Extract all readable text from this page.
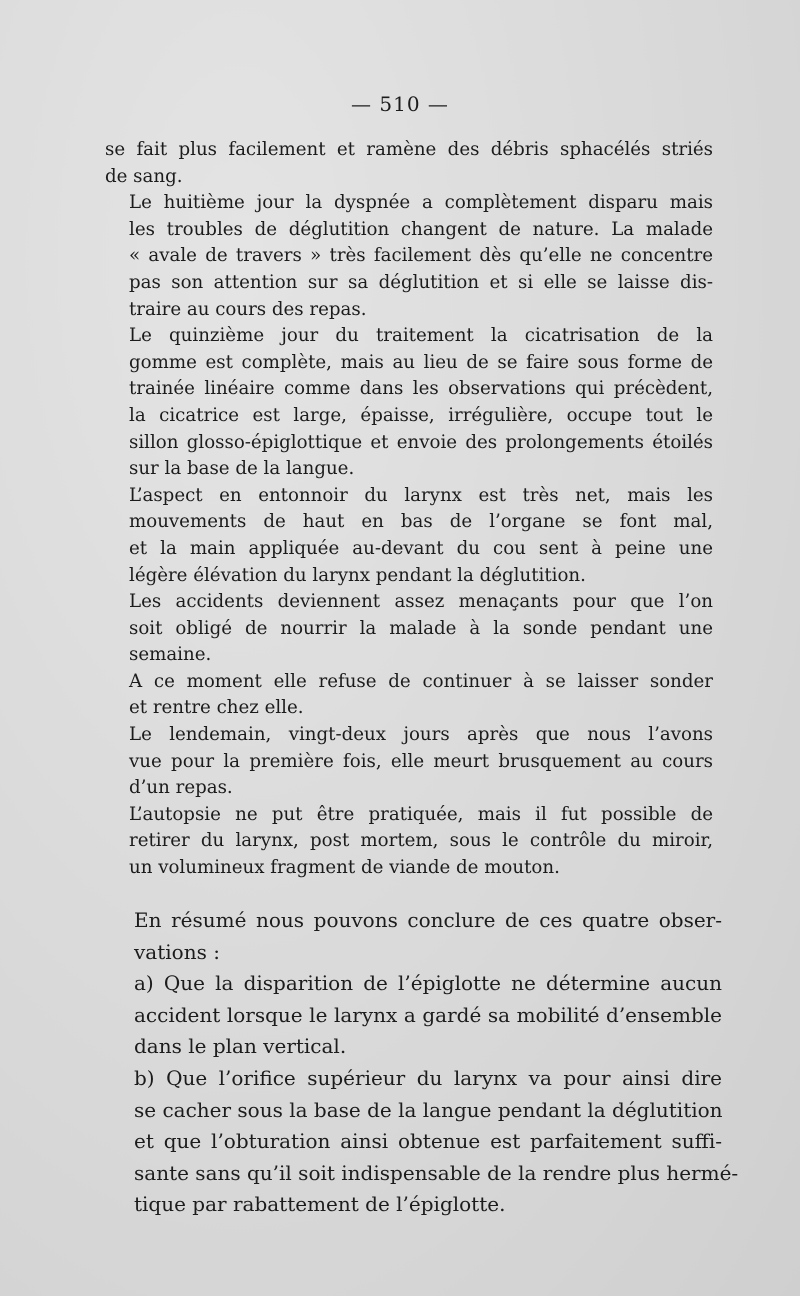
— 510 —

se fait plus facilement et ramène des débris sphacélés striés
de sang.

Le huitième jour la dyspnée a complètement disparu mais
les troubles de déglutition changent de nature. La malade
« avale de travers » très facilement dès qu’elle ne concentre
pas son attention sur sa déglutition et si elle se laisse dis-
traire au cours des repas.

Le quinzième jour du traitement la cicatrisation de la
gomme est complète, mais au lieu de se faire sous forme de
trainée linéaire comme dans les observations qui précèdent,
la cicatrice est large, épaisse, irrégulière, occupe tout le
sillon glosso-épiglottique et envoie des prolongements étoilés
sur la base de la langue.

L’aspect en entonnoir du larynx est très net, mais les
mouvements de haut en bas de l’organe se font mal,
et la main appliquée au-devant du cou sent à peine une
légère élévation du larynx pendant la déglutition.

Les accidents deviennent assez menaçants pour que l’on
soit obligé de nourrir la malade à la sonde pendant une
semaine.

A ce moment elle refuse de continuer à se laisser sonder
et rentre chez elle.

Le lendemain, vingt-deux jours après que nous l’avons
vue pour la première fois, elle meurt brusquement au cours
d’un repas.

L’autopsie ne put être pratiquée, mais il fut possible de
retirer du larynx, post mortem, sous le contrôle du miroir,
un volumineux fragment de viande de mouton.

En résumé nous pouvons conclure de ces quatre obser-
vations :

a) Que la disparition de l’épiglotte ne détermine aucun
accident lorsque le larynx a gardé sa mobilité d’ensemble
dans le plan vertical.

b) Que l’orifice supérieur du larynx va pour ainsi dire
se cacher sous la base de la langue pendant la déglutition
et que l’obturation ainsi obtenue est parfaitement suffi-
sante sans qu’il soit indispensable de la rendre plus hermé-
tique par rabattement de l’épiglotte.
